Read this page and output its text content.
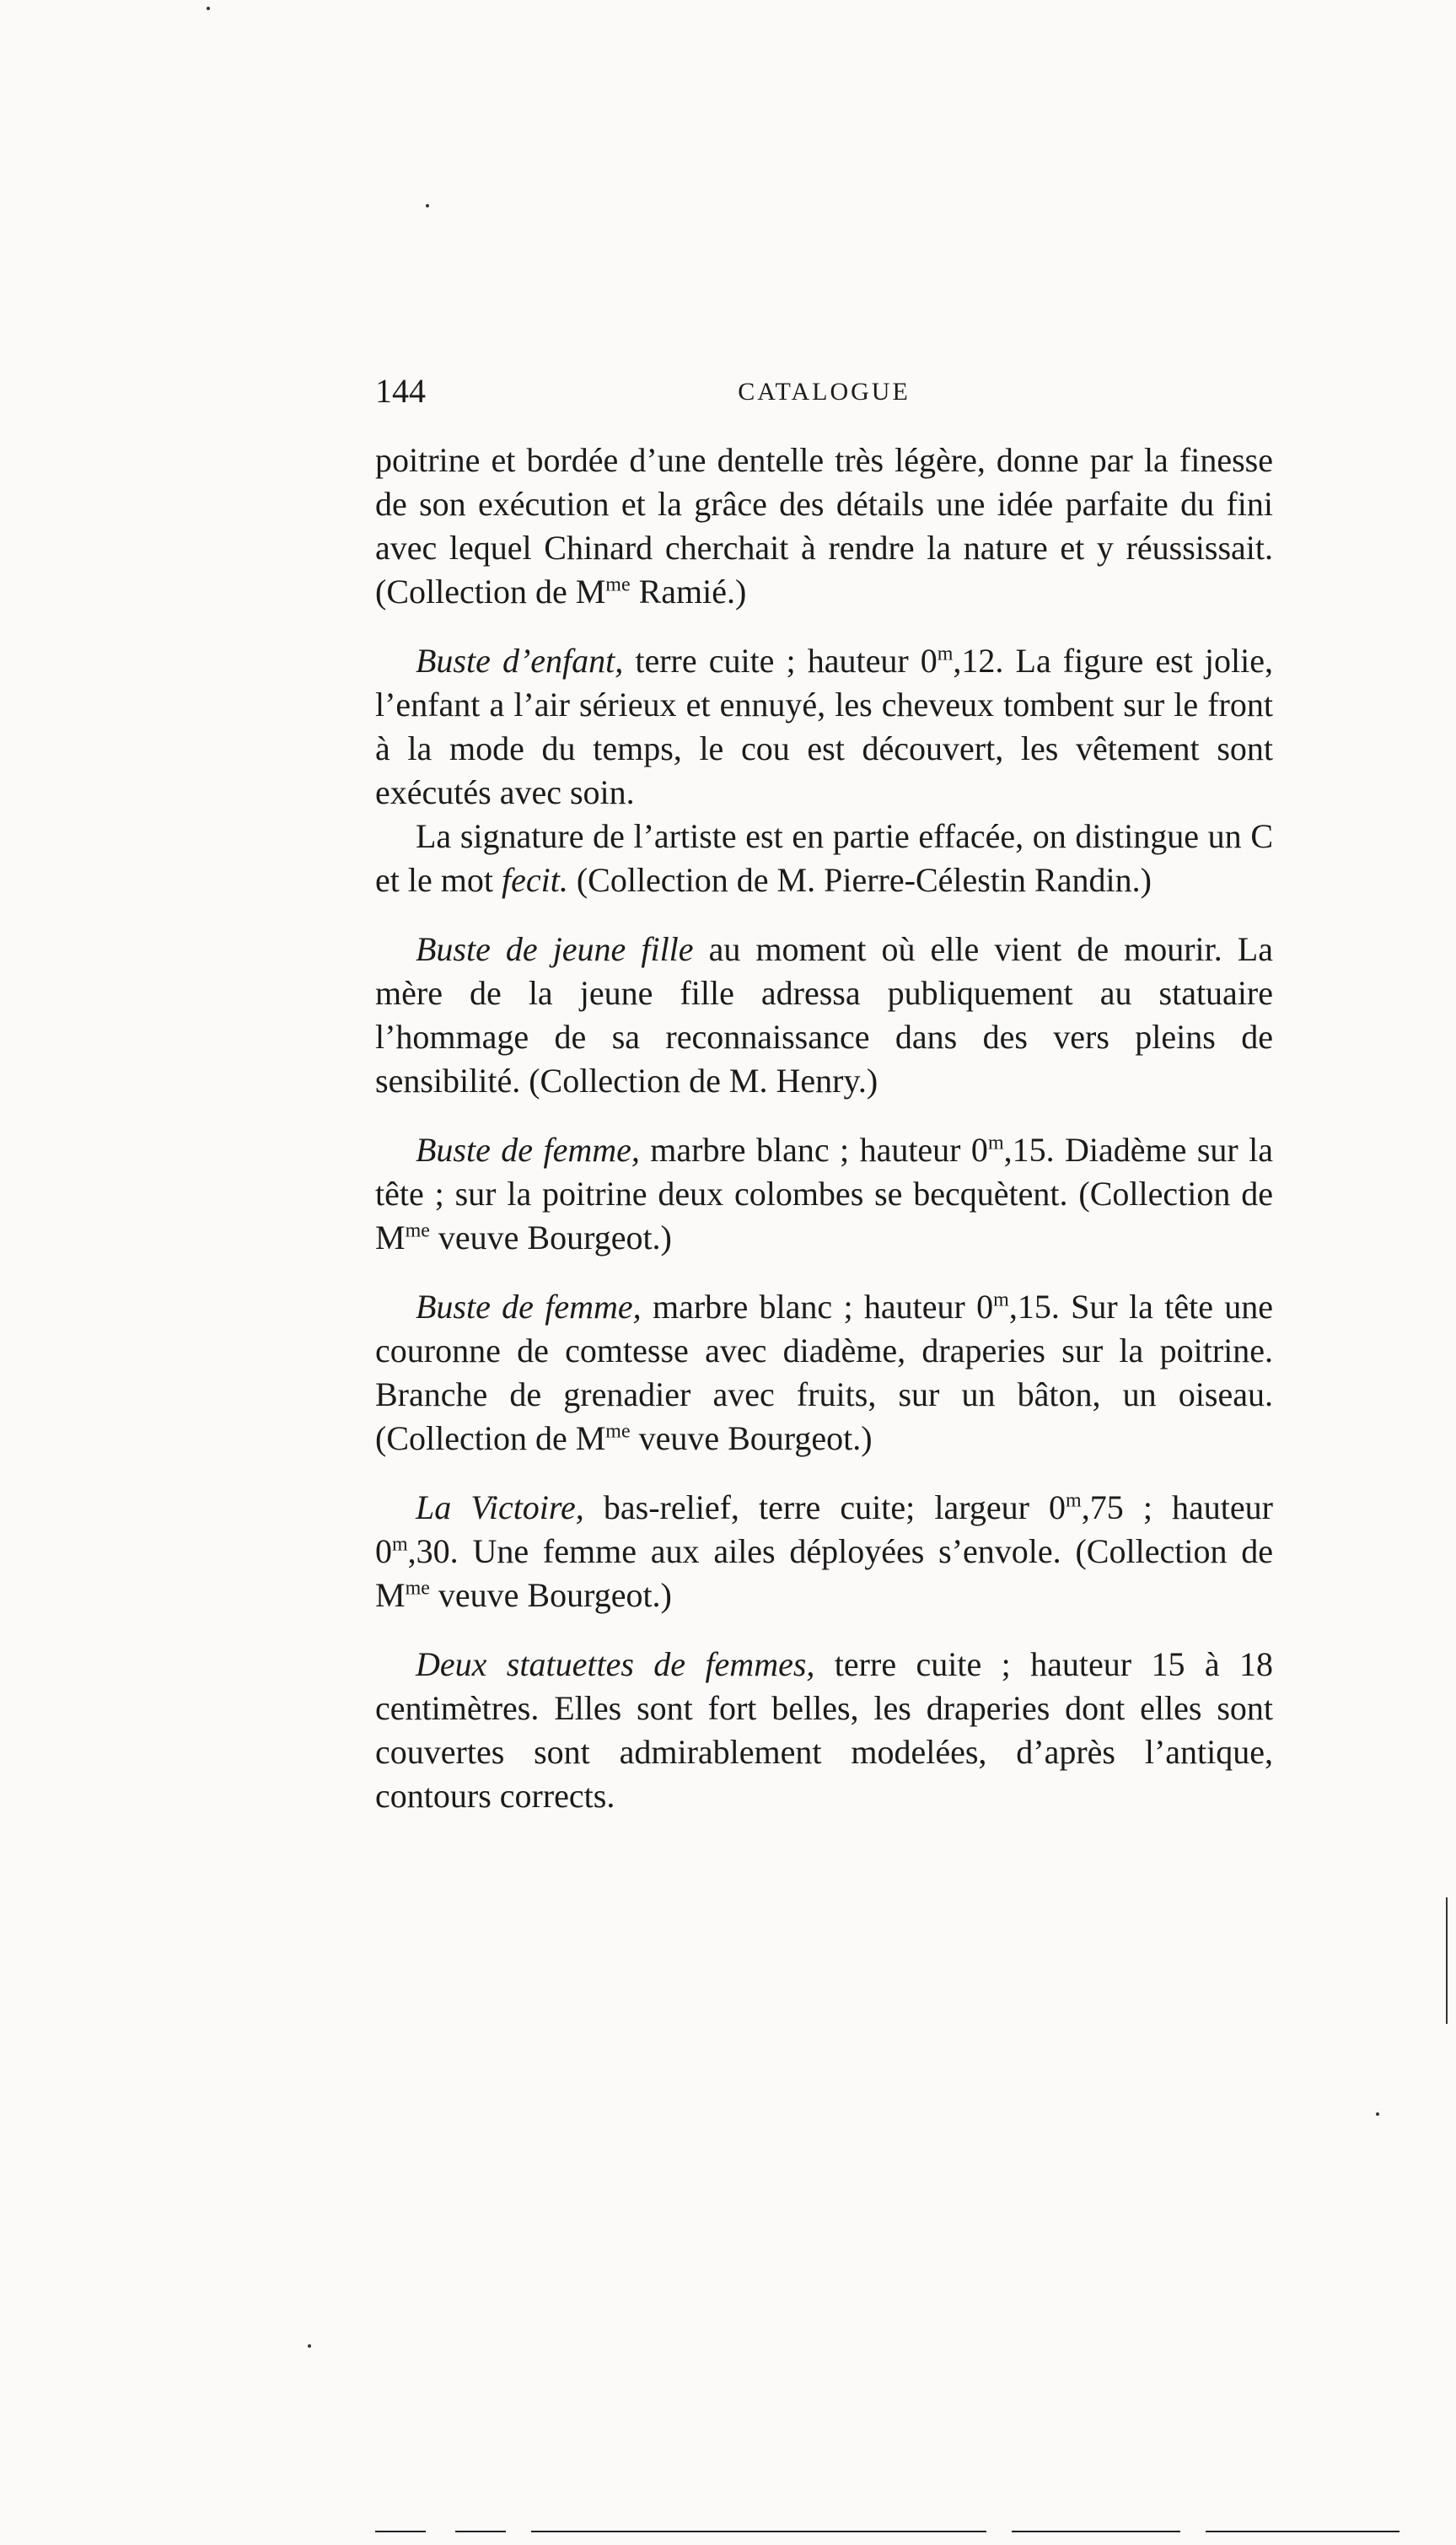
144	CATALOGUE

poitrine et bordée d’une dentelle très légère, donne par la finesse de son exécution et la grâce des détails une idée parfaite du fini avec lequel Chinard cherchait à rendre la nature et y réussissait. (Collection de $M^{me}$ Ramié.)

Buste d’enfant, terre cuite ; hauteur 0$^m$,12. La figure est jolie, l’enfant a l’air sérieux et ennuyé, les cheveux tombent sur le front à la mode du temps, le cou est découvert, les vêtement sont exécutés avec soin.

La signature de l’artiste est en partie effacée, on distingue un C et le mot fecit. (Collection de M. Pierre-Célestin Randin.)

Buste de jeune fille au moment où elle vient de mourir. La mère de la jeune fille adressa publiquement au statuaire l’hommage de sa reconnaissance dans des vers pleins de sensibilité. (Collection de M. Henry.)

Buste de femme, marbre blanc ; hauteur 0$^m$,15. Diadème sur la tête ; sur la poitrine deux colombes se becquètent. (Collection de $M^{me}$ veuve Bourgeot.)

Buste de femme, marbre blanc ; hauteur 0$^m$,15. Sur la tête une couronne de comtesse avec diadème, draperies sur la poitrine. Branche de grenadier avec fruits, sur un bâton, un oiseau. (Collection de $M^{me}$ veuve Bourgeot.)

La Victoire, bas-relief, terre cuite; largeur 0$^m$,75 ; hauteur 0$^m$,30. Une femme aux ailes déployées s’envole. (Collection de $M^{me}$ veuve Bourgeot.)

Deux statuettes de femmes, terre cuite ; hauteur 15 à 18 centimètres. Elles sont fort belles, les draperies dont elles sont couvertes sont admirablement modelées, d’après l’antique, contours corrects.
